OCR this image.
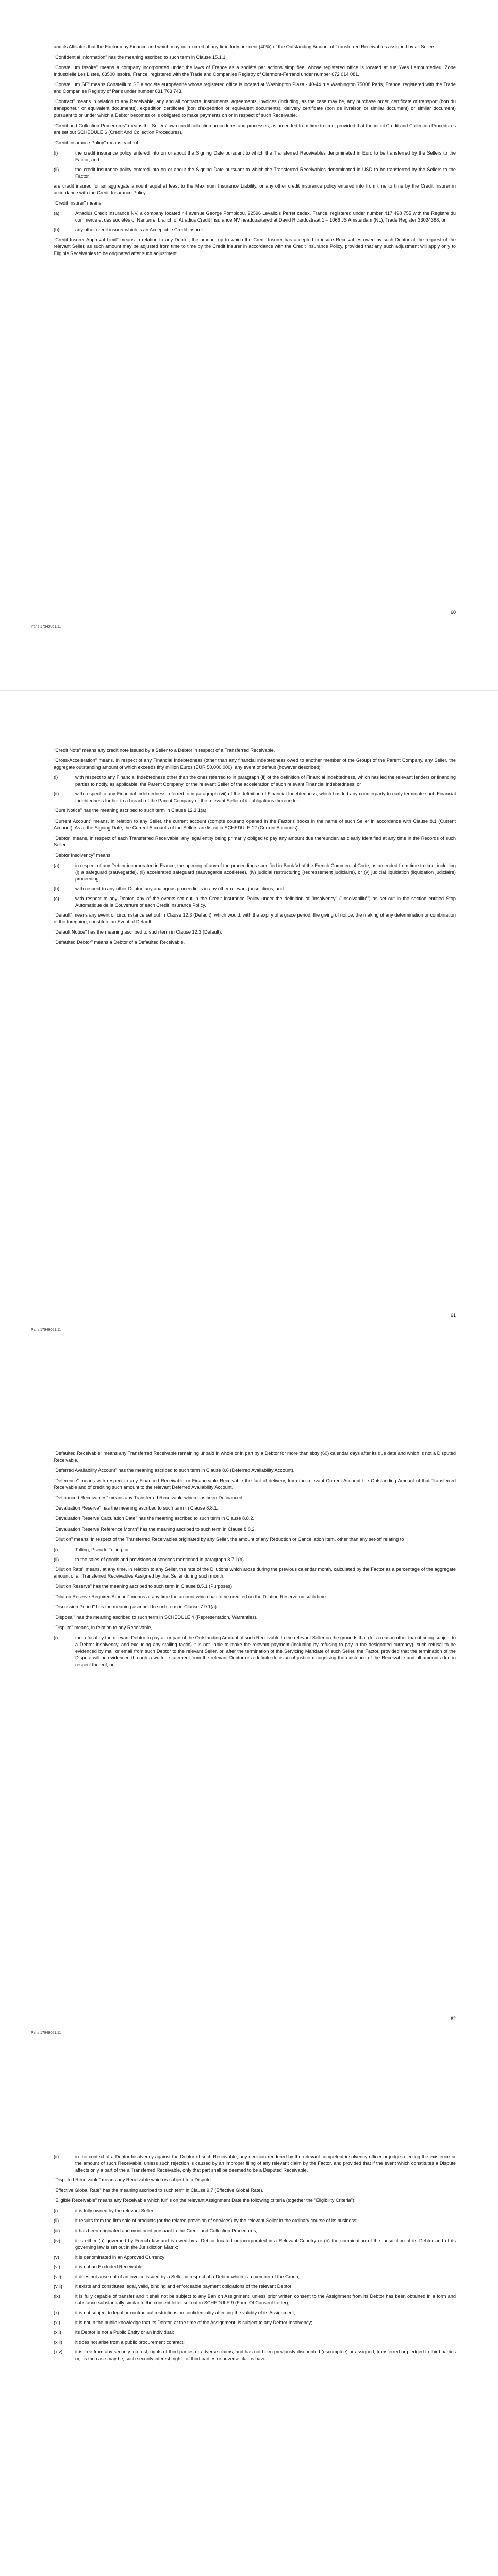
and its Affiliates that the Factor may Finance and which may not exceed at any time forty per cent (40%) of the Outstanding Amount of Transferred Receivables assigned by all Sellers.

"Confidential Information" has the meaning ascribed to such term in Clause 15.1.1.

"Constellium Issoire" means a company incorporated under the laws of France as a société par actions simplifiée, whose registered office is located at rue Yves Lamourdedieu, Zone Industrielle Les Listes, 63500 Issoire, France, registered with the Trade and Companies Registry of Clermont-Ferrand under number 672 014 081.

"Constellium SE" means Constellium SE a société européenne whose registered office is located at Washington Plaza - 40-44 rue Washington 75008 Paris, France, registered with the Trade and Companies Registry of Paris under number 831 763 743.

"Contract" means in relation to any Receivable, any and all contracts, instruments, agreements, invoices (including, as the case may be, any purchase order, certificate of transport (bon du transporteur or equivalent documents), expedition certificate (bon d'expédition or equivalent documents), delivery certificate (bon de livraison or similar document) or similar document) pursuant to or under which a Debtor becomes or is obligated to make payments on or in respect of such Receivable.

"Credit and Collection Procedures" means the Sellers' own credit collection procedures and processes, as amended from time to time, provided that the initial Credit and Collection Procedures are set out SCHEDULE 6 (Credit And Collection Procedures).

"Credit Insurance Policy" means each of:

(i)	the credit insurance policy entered into on or about the Signing Date pursuant to which the Transferred Receivables denominated in Euro to be transferred by the Sellers to the Factor; and
(ii)	the credit insurance policy entered into on or about the Signing Date pursuant to which the Transferred Receivables denominated in USD to be transferred by the Sellers to the Factor,

are credit insured for an aggregate amount equal at least to the Maximum Insurance Liability, or any other credit insurance policy entered into from time to time by the Credit Insurer in accordance with the Credit Insurance Policy.

"Credit Insurer" means:

(a)	Atradius Credit Insurance NV, a company located 44 avenue George Pompidou, 92596 Levallois Perret cedex, France, registered under number 417 498 755 with the Registre du commerce et des sociétés of Nanterre, branch of Atradius Credit Insurance NV headquartered at David Ricardostraat 1 – 1066 JS Amsterdam (NL), Trade Register 33024388; or
(b)	any other credit insurer which is an Acceptable Credit Insurer.

"Credit Insurer Approval Limit" means in relation to any Debtor, the amount up to which the Credit Insurer has accepted to insure Receivables owed by such Debtor at the request of the relevant Seller, as such amount may be adjusted from time to time by the Credit Insurer in accordance with the Credit Insurance Policy, provided that any such adjustment will apply only to Eligible Receivables to be originated after such adjustment.

60
Paris 17949061.11

"Credit Note" means any credit note issued by a Seller to a Debtor in respect of a Transferred Receivable.

"Cross-Acceleration" means, in respect of any Financial Indebtedness (other than any financial indebtedness owed to another member of the Group) of the Parent Company, any Seller, the aggregate outstanding amount of which exceeds fifty million Euros (EUR 50,000,000), any event of default (however described):

(i)	with respect to any Financial Indebtedness other than the ones referred to in paragraph (ii) of the definition of Financial Indebtedness, which has led the relevant lenders or financing parties to notify, as applicable, the Parent Company, or the relevant Seller of the acceleration of such relevant Financial Indebtedness; or
(ii)	with respect to any Financial Indebtedness referred to in paragraph (vii) of the definition of Financial Indebtedness, which has led any counterparty to early terminate such Financial Indebtedness further to a breach of the Parent Company or the relevant Seller of its obligations thereunder.

"Cure Notice" has the meaning ascribed to such term in Clause 12.3.1(a).

"Current Account" means, in relation to any Seller, the current account (compte courant) opened in the Factor's books in the name of such Seller in accordance with Clause 8.1 (Current Account). As at the Signing Date, the Current Accounts of the Sellers are listed in SCHEDULE 12 (Current Accounts).

"Debtor" means, in respect of each Transferred Receivable, any legal entity being primarily obliged to pay any amount due thereunder, as clearly identified at any time in the Records of such Seller.

"Debtor Insolvency" means,

(a)	in respect of any Debtor incorporated in France, the opening of any of the proceedings specified in Book VI of the French Commercial Code, as amended from time to time, including (i) a safeguard (sauvegarde), (ii) accelerated safeguard (sauvegarde accélérée), (iv) judicial restructuring (redressement judiciaire), or (v) judicial liquidation (liquidation judiciaire) proceeding;
(b)	with respect to any other Debtor, any analogous proceedings in any other relevant jurisdictions; and
(c)	with respect to any Debtor, any of the events set out in the Credit Insurance Policy under the definition of "insolvency" ("Insolvabilité") as set out in the section entitled Stop Automatique de la Couverture of each Credit Insurance Policy.

"Default" means any event or circumstance set out in Clause 12.3 (Default), which would, with the expiry of a grace period, the giving of notice, the making of any determination or combination of the foregoing, constitute an Event of Default.

"Default Notice" has the meaning ascribed to such term in Clause 12.3 (Default).

"Defaulted Debtor" means a Debtor of a Defaulted Receivable.

61
Paris 17949061.11

"Defaulted Receivable" means any Transferred Receivable remaining unpaid in whole or in part by a Debtor for more than sixty (60) calendar days after its due date and which is not a Disputed Receivable.

"Deferred Availability Account" has the meaning ascribed to such term in Clause 8.6 (Deferred Availability Account).

"Deference" means with respect to any Financed Receivable or Financeable Receivable the fact of delivery, from the relevant Current Account the Outstanding Amount of that Transferred Receivable and of crediting such amount to the relevant Deferred Availability Account.

"Definanced Receivables" means any Transferred Receivable which has been Definanced.

"Devaluation Reserve" has the meaning ascribed to such term in Clause 8.8.1.

"Devaluation Reserve Calculation Date" has the meaning ascribed to such term in Clause 8.8.2.

"Devaluation Reserve Reference Month" has the meaning ascribed to such term in Clause 8.8.2.

"Dilution" means, in respect of the Transferred Receivables originated by any Seller, the amount of any Reduction or Cancellation Item, other than any set-off relating to

(i)	Tolling, Pseudo Tolling; or
(ii)	to the sales of goods and provisions of services mentioned in paragraph 8.7.1(b).

"Dilution Rate" means, at any time, in relation to any Seller, the rate of the Dilutions which arose during the previous calendar month, calculated by the Factor as a percentage of the aggregate amount of all Transferred Receivables Assigned by that Seller during such month.

"Dilution Reserve" has the meaning ascribed to such term in Clause 8.5.1 (Purposes).

"Dilution Reserve Required Amount" means at any time the amount which has to be credited on the Dilution Reserve on such time.

"Discussion Period" has the meaning ascribed to such term in Clause 7.9.1(a).

"Disposal" has the meaning ascribed to such term in SCHEDULE 4 (Representation, Warranties).

"Dispute" means, in relation to any Receivable,

(i)	the refusal by the relevant Debtor to pay all or part of the Outstanding Amount of such Receivable to the relevant Seller on the grounds that (for a reason other than it being subject to a Debtor Insolvency, and excluding any stalling tactic) it is not liable to make the relevant payment (including by refusing to pay in the designated currency), such refusal to be evidenced by mail or email from such Debtor to the relevant Seller, or, after the termination of the Servicing Mandate of such Seller, the Factor, provided that the termination of the Dispute will be evidenced through a written statement from the relevant Debtor or a definite decision of justice recognising the existence of the Receivable and all amounts due in respect thereof; or
62
Paris 17949061.11
(ii)	in the context of a Debtor Insolvency against the Debtor of such Receivable, any decision rendered by the relevant competent insolvency officer or judge rejecting the existence or the amount of such Receivable, unless such rejection is caused by an improper filing of any relevant claim by the Factor, and provided that if the event which constitutes a Dispute affects only a part of the a Transferred Receivable, only that part shall be deemed to be a Disputed Receivable.

"Disputed Receivable" means any Receivable which is subject to a Dispute.

"Effective Global Rate" has the meaning ascribed to such term in Clause 9.7 (Effective Global Rate).

"Eligible Receivable" means any Receivable which fulfils on the relevant Assignment Date the following criteria (together the "Eligibility Criteria"):

(i)	it is fully owned by the relevant Seller;
(ii)	it results from the firm sale of products (or the related provision of services) by the relevant Seller in the ordinary course of its business;
(iii)	it has been originated and monitored pursuant to the Credit and Collection Procedures;
(iv)	it is either (a) governed by French law and is owed by a Debtor located or incorporated in a Relevant Country or (b) the combination of the jurisdiction of its Debtor and of its governing law is set out in the Jurisdiction Matrix;
(v)	it is denominated in an Approved Currency;
(vi)	it is not an Excluded Receivable;
(vii)	it does not arise out of an invoice issued by a Seller in respect of a Debtor which is a member of the Group;
(viii)	it exists and constitutes legal, valid, binding and enforceable payment obligations of the relevant Debtor;
(ix)	it is fully capable of transfer and it shall not be subject to any Ban on Assignment, unless prior written consent to the Assignment from its Debtor has been obtained in a form and substance substantially similar to the consent letter set out in SCHEDULE 9 (Form Of Consent Letter);
(x)	it is not subject to legal or contractual restrictions on confidentiality affecting the validity of its Assignment;
(xi)	it is not in the public knowledge that its Debtor, at the time of the Assignment, is subject to any Debtor Insolvency;
(xii)	its Debtor is not a Public Entity or an individual;
(xiii)	it does not arise from a public procurement contract;
(xiv)	it is free from any security interest, rights of third parties or adverse claims, and has not been previously discounted (escomptée) or assigned, transferred or pledged to third parties or, as the case may be, such security interest, rights of third parties or adverse claims have
